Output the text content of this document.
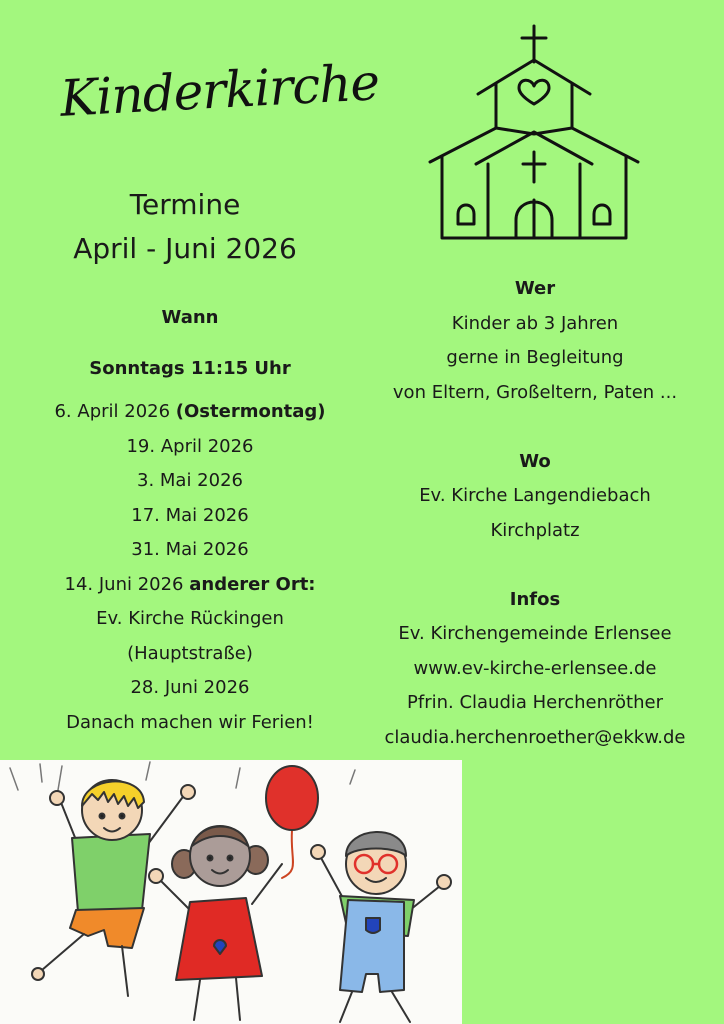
Kinderkirche
Termine
April - Juni 2026
Wann
Sonntags 11:15 Uhr
6. April 2026 (Ostermontag)
19. April 2026
3. Mai 2026
17. Mai 2026
31. Mai 2026
14. Juni 2026 anderer Ort:
Ev. Kirche Rückingen
(Hauptstraße)
28. Juni 2026
Danach machen wir Ferien!
Wer
Kinder ab 3 Jahren
gerne in Begleitung
von Eltern, Großeltern, Paten ...
Wo
Ev. Kirche Langendiebach
Kirchplatz
Infos
Ev. Kirchengemeinde Erlensee
www.ev-kirche-erlensee.de
Pfrin. Claudia Herchenröther
claudia.herchenroether@ekkw.de
